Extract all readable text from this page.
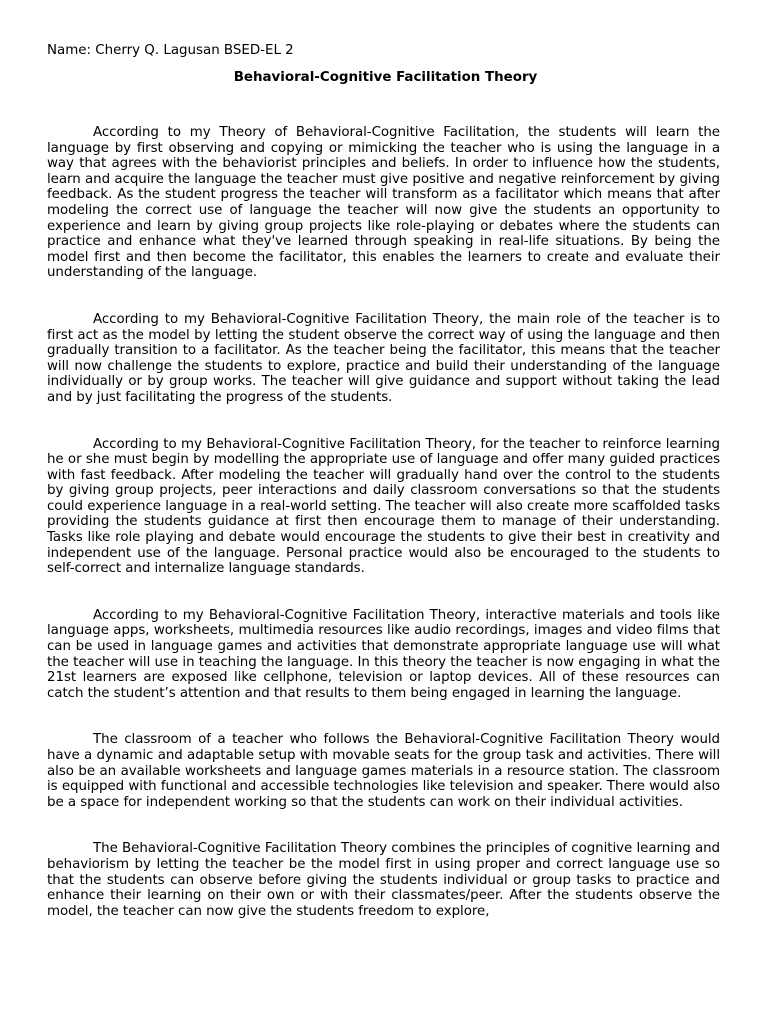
Name: Cherry Q. Lagusan BSED-EL 2

Behavioral-Cognitive Facilitation Theory

According to my Theory of Behavioral-Cognitive Facilitation, the students will learn the language by first observing and copying or mimicking the teacher who is using the language in a way that agrees with the behaviorist principles and beliefs. In order to influence how the students, learn and acquire the language the teacher must give positive and negative reinforcement by giving feedback. As the student progress the teacher will transform as a facilitator which means that after modeling the correct use of language the teacher will now give the students an opportunity to experience and learn by giving group projects like role-playing or debates where the students can practice and enhance what they've learned through speaking in real-life situations. By being the model first and then become the facilitator, this enables the learners to create and evaluate their understanding of the language.

According to my Behavioral-Cognitive Facilitation Theory, the main role of the teacher is to first act as the model by letting the student observe the correct way of using the language and then gradually transition to a facilitator. As the teacher being the facilitator, this means that the teacher will now challenge the students to explore, practice and build their understanding of the language individually or by group works. The teacher will give guidance and support without taking the lead and by just facilitating the progress of the students.

According to my Behavioral-Cognitive Facilitation Theory, for the teacher to reinforce learning he or she must begin by modelling the appropriate use of language and offer many guided practices with fast feedback. After modeling the teacher will gradually hand over the control to the students by giving group projects, peer interactions and daily classroom conversations so that the students could experience language in a real-world setting. The teacher will also create more scaffolded tasks providing the students guidance at first then encourage them to manage of their understanding. Tasks like role playing and debate would encourage the students to give their best in creativity and independent use of the language. Personal practice would also be encouraged to the students to self-correct and internalize language standards.

According to my Behavioral-Cognitive Facilitation Theory, interactive materials and tools like language apps, worksheets, multimedia resources like audio recordings, images and video films that can be used in language games and activities that demonstrate appropriate language use will what the teacher will use in teaching the language. In this theory the teacher is now engaging in what the 21st learners are exposed like cellphone, television or laptop devices. All of these resources can catch the student’s attention and that results to them being engaged in learning the language.

The classroom of a teacher who follows the Behavioral-Cognitive Facilitation Theory would have a dynamic and adaptable setup with movable seats for the group task and activities. There will also be an available worksheets and language games materials in a resource station. The classroom is equipped with functional and accessible technologies like television and speaker. There would also be a space for independent working so that the students can work on their individual activities.

The Behavioral-Cognitive Facilitation Theory combines the principles of cognitive learning and behaviorism by letting the teacher be the model first in using proper and correct language use so that the students can observe before giving the students individual or group tasks to practice and enhance their learning on their own or with their classmates/peer. After the students observe the model, the teacher can now give the students freedom to explore,
